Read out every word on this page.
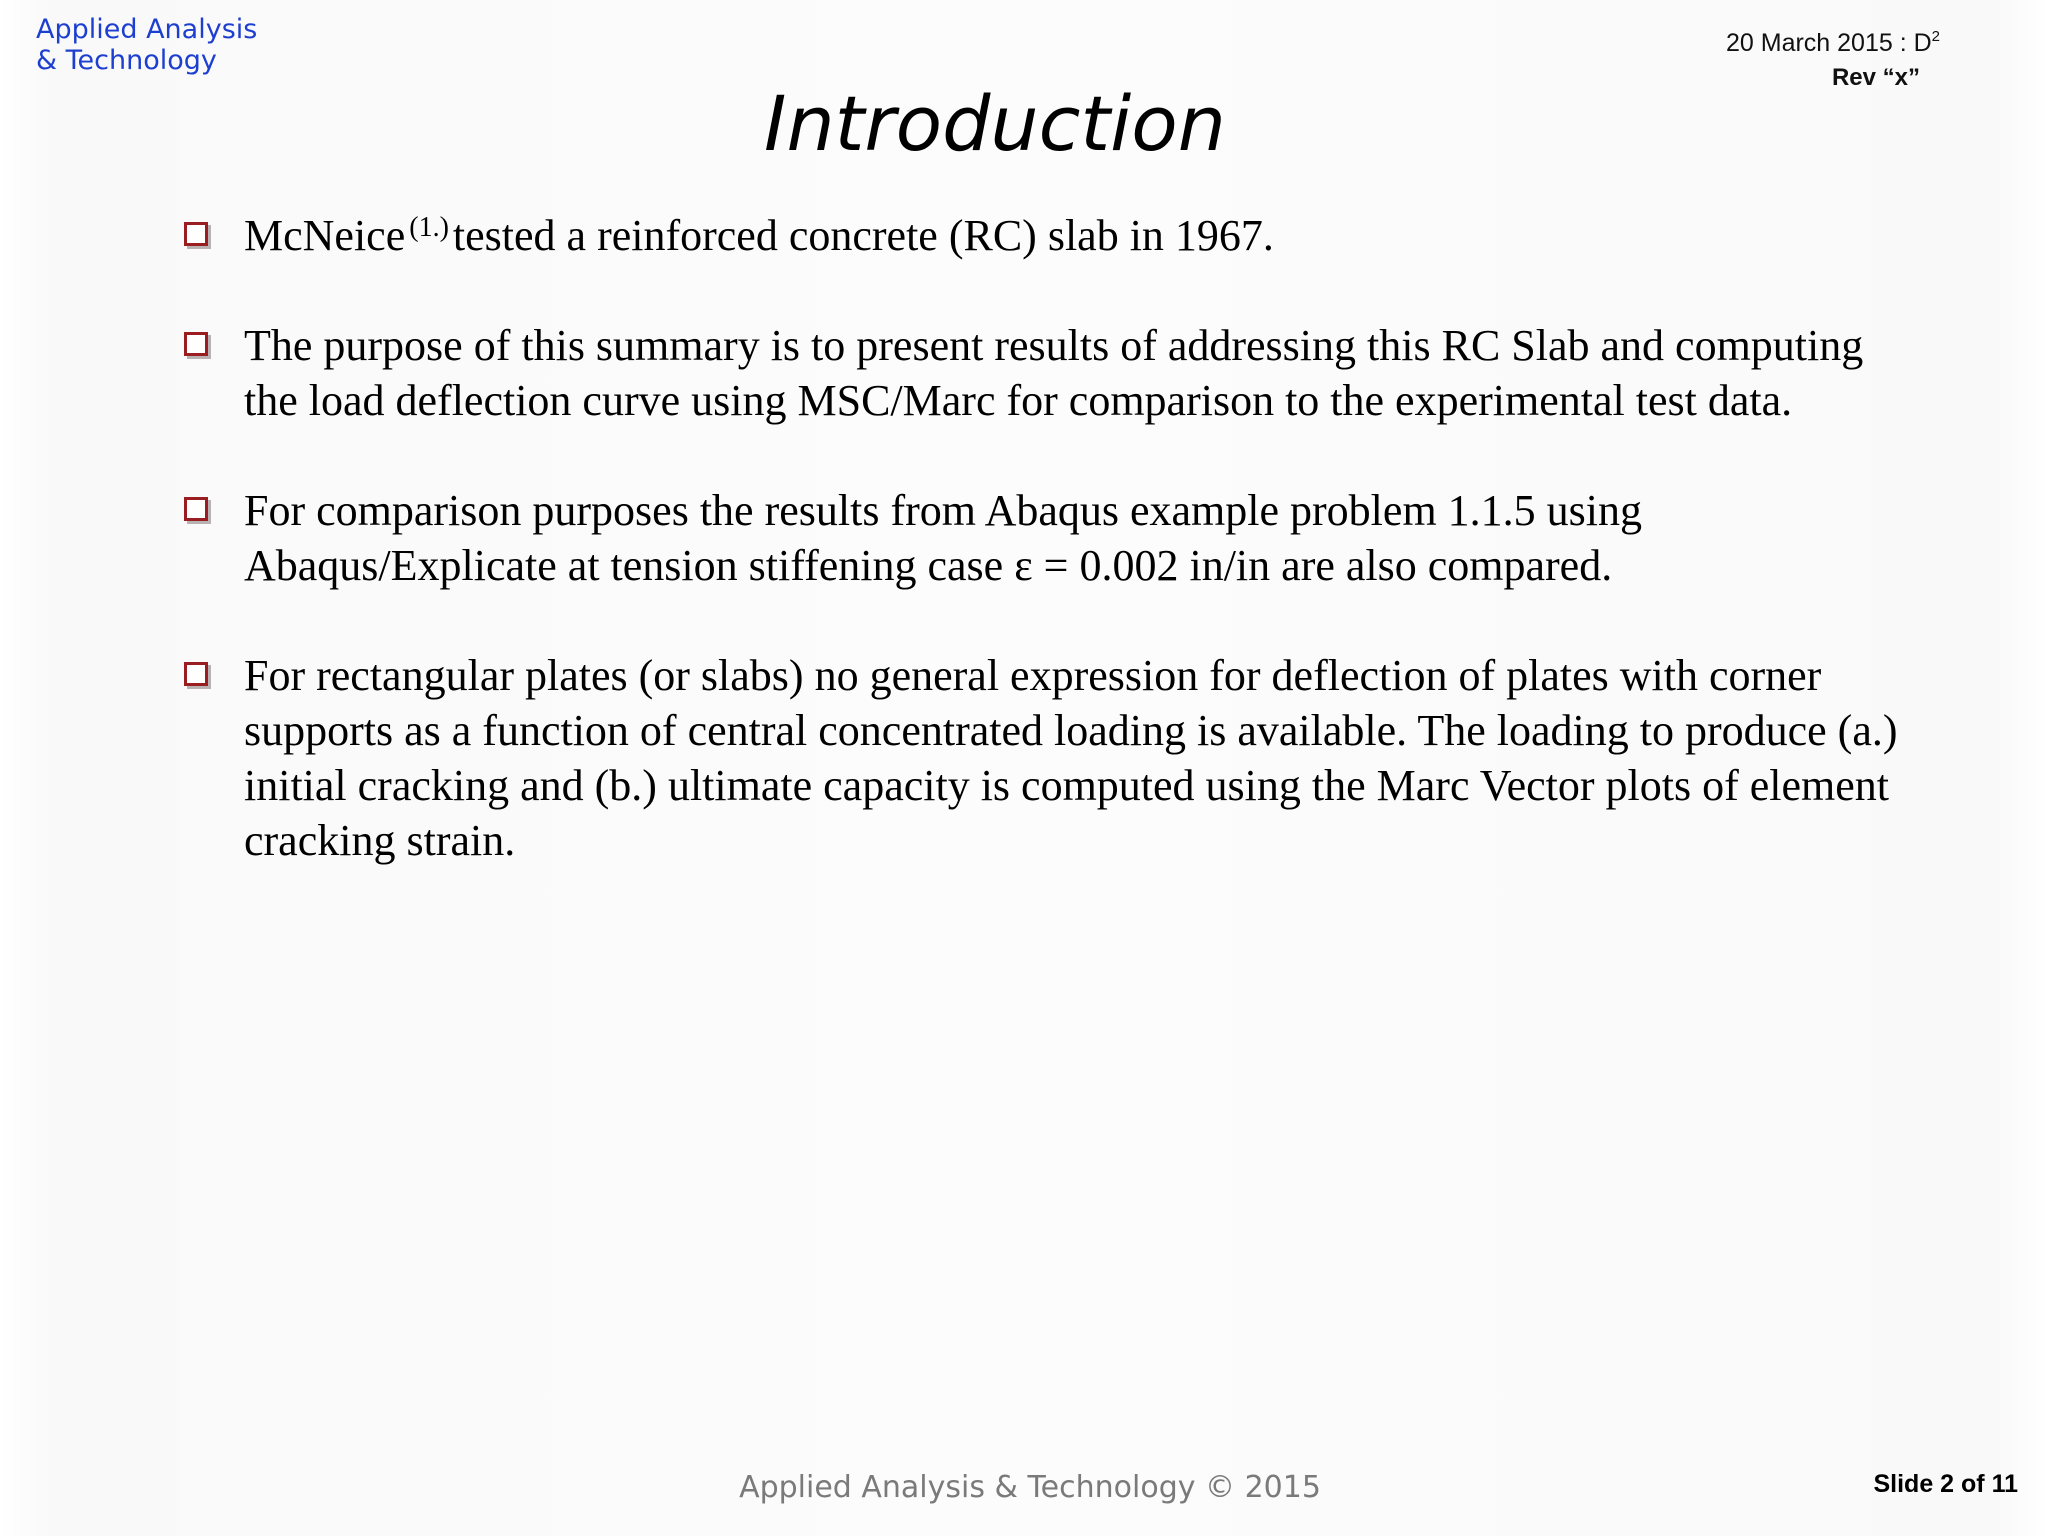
Applied Analysis
& Technology
20 March 2015 : $D^2$
Rev “x”
Introduction
McNeice (1.) tested a reinforced concrete (RC) slab in 1967.
The purpose of this summary is to present results of addressing this RC Slab and computing the load deflection curve using MSC/Marc for comparison to the experimental test data.
For comparison purposes the results from Abaqus example problem 1.1.5 using Abaqus/Explicate at tension stiffening case ε = 0.002 in/in are also compared.
For rectangular plates (or slabs) no general expression for deflection of plates with corner supports as a function of central concentrated loading is available. The loading to produce (a.) initial cracking and (b.) ultimate capacity is computed using the Marc Vector plots of element cracking strain.
Applied Analysis & Technology © 2015	Slide 2 of 11
